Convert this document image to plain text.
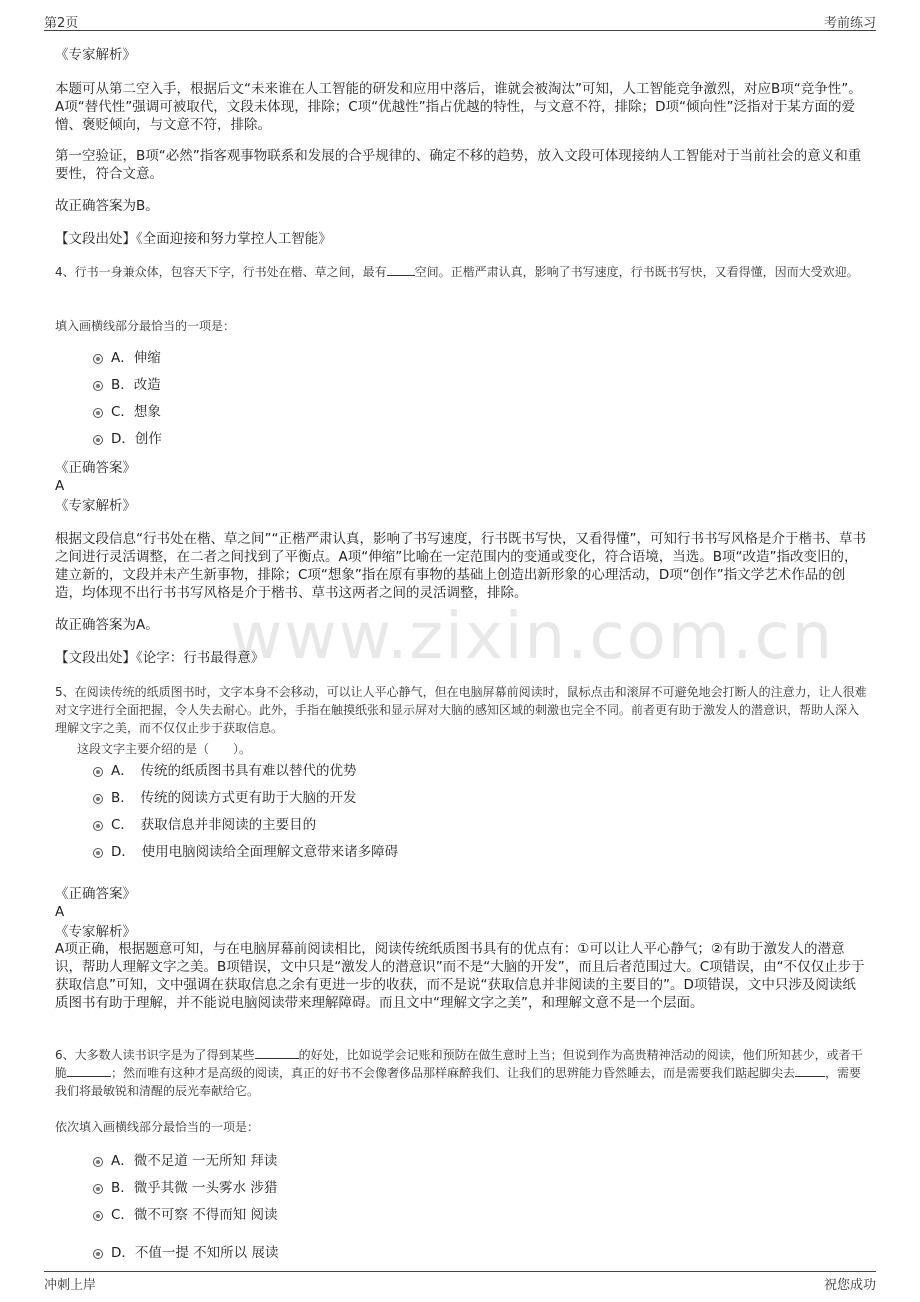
第2页	考前练习
www.zixin.com.cn
《专家解析》
本题可从第二空入手，根据后文“未来谁在人工智能的研发和应用中落后，谁就会被淘汰”可知，人工智能竞争激烈，对应B项“竞争性”。A项“替代性”强调可被取代，文段未体现，排除；C项“优越性”指占优越的特性，与文意不符，排除；D项“倾向性”泛指对于某方面的爱憎、褒贬倾向，与文意不符，排除。
第一空验证，B项“必然”指客观事物联系和发展的合乎规律的、确定不移的趋势，放入文段可体现接纳人工智能对于当前社会的意义和重要性，符合文意。
故正确答案为B。
【文段出处】《全面迎接和努力掌控人工智能》
4、行书一身兼众体，包容天下字，行书处在楷、草之间，最有 空间。正楷严肃认真，影响了书写速度，行书既书写快，又看得懂，因而大受欢迎。
填入画横线部分最恰当的一项是：
A．伸缩
B．改造
C．想象
D．创作
《正确答案》
A
《专家解析》
根据文段信息“行书处在楷、草之间”“正楷严肃认真，影响了书写速度，行书既书写快，又看得懂”，可知行书书写风格是介于楷书、草书之间进行灵活调整，在二者之间找到了平衡点。A项“伸缩”比喻在一定范围内的变通或变化，符合语境，当选。B项“改造”指改变旧的，建立新的，文段并未产生新事物，排除；C项“想象”指在原有事物的基础上创造出新形象的心理活动，D项“创作”指文学艺术作品的创造，均体现不出行书书写风格是介于楷书、草书这两者之间的灵活调整，排除。
故正确答案为A。
【文段出处】《论字：行书最得意》
5、在阅读传统的纸质图书时，文字本身不会移动，可以让人平心静气，但在电脑屏幕前阅读时，鼠标点击和滚屏不可避免地会打断人的注意力，让人很难对文字进行全面把握，令人失去耐心。此外，手指在触摸纸张和显示屏对大脑的感知区域的刺激也完全不同。前者更有助于激发人的潜意识，帮助人深入理解文字之美，而不仅仅止步于获取信息。
这段文字主要介绍的是（　　）。
A．　传统的纸质图书具有难以替代的优势
B．　传统的阅读方式更有助于大脑的开发
C．　获取信息并非阅读的主要目的
D．　使用电脑阅读给全面理解文意带来诸多障碍
《正确答案》
A
《专家解析》
A项正确，根据题意可知，与在电脑屏幕前阅读相比，阅读传统纸质图书具有的优点有：①可以让人平心静气；②有助于激发人的潜意识，帮助人理解文字之美。B项错误，文中只是“激发人的潜意识”而不是“大脑的开发”，而且后者范围过大。C项错误，由“不仅仅止步于获取信息”可知，文中强调在获取信息之余有更进一步的收获，而不是说“获取信息并非阅读的主要目的”。D项错误，文中只涉及阅读纸质图书有助于理解，并不能说电脑阅读带来理解障碍。而且文中“理解文字之美”，和理解文意不是一个层面。
6、大多数人读书识字是为了得到某些	的好处，比如说学会记账和预防在做生意时上当；但说到作为高贵精神活动的阅读，他们所知甚少，或者干脆	；然而唯有这种才是高级的阅读，真正的好书不会像奢侈品那样麻醉我们、让我们的思辨能力昏然睡去，而是需要我们踮起脚尖去	，需要我们将最敏锐和清醒的辰光奉献给它。
依次填入画横线部分最恰当的一项是：
A．微不足道 一无所知 拜读
B．微乎其微 一头雾水 涉猎
C．微不可察 不得而知 阅读
D．不值一提 不知所以 展读
冲刺上岸	祝您成功
